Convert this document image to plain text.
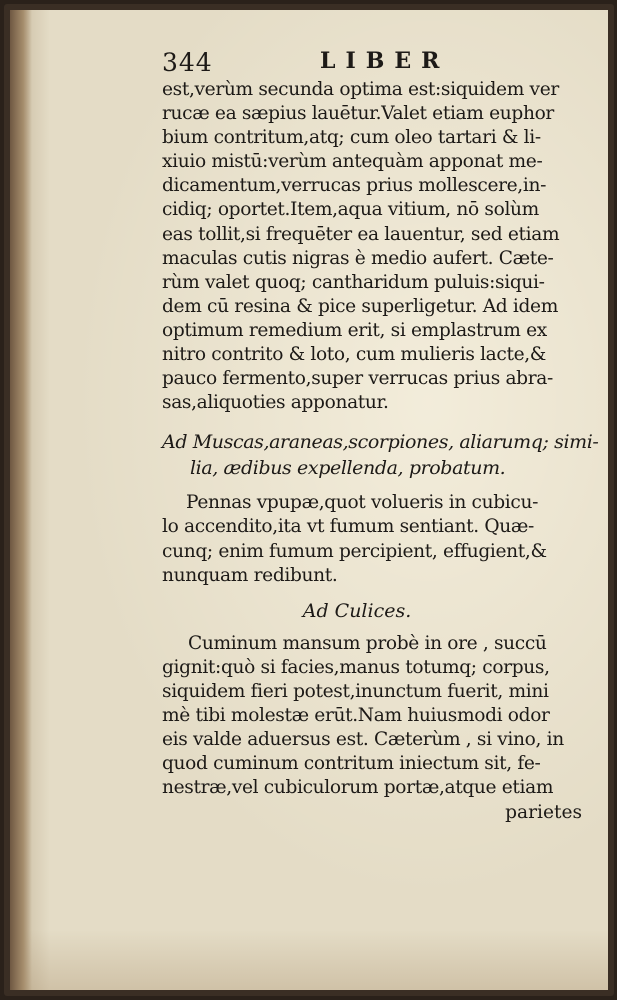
344	LIBER
est,verùm secunda optima est:siquidem ver
rucæ ea sæpius lauētur.Valet etiam euphor
bium contritum,atq; cum oleo tartari & li-
xiuio mistū:verùm antequàm apponat me-
dicamentum,verrucas prius mollescere,in-
cidiq; oportet.Item,aqua vitium, nō solùm
eas tollit,si frequēter ea lauentur, sed etiam
maculas cutis nigras è medio aufert. Cæte-
rùm valet quoq; cantharidum puluis:siqui-
dem cū resina & pice superligetur. Ad idem
optimum remedium erit, si emplastrum ex
nitro contrito & loto, cum mulieris lacte,&
pauco fermento,super verrucas prius abra-
sas,aliquoties apponatur.
Ad Muscas,araneas,scorpiones, aliarumq; simi-
lia, ædibus expellenda, probatum.
Pennas vpupæ,quot volueris in cubicu-
lo accendito,ita vt fumum sentiant. Quæ-
cunq; enim fumum percipient, effugient,&
nunquam redibunt.
Ad Culices.
Cuminum mansum probè in ore , succū
gignit:quò si facies,manus totumq; corpus,
siquidem fieri potest,inunctum fuerit, mini
mè tibi molestæ erūt.Nam huiusmodi odor
eis valde aduersus est. Cæterùm , si vino, in
quod cuminum contritum iniectum sit, fe-
nestræ,vel cubiculorum portæ,atque etiam
parietes
